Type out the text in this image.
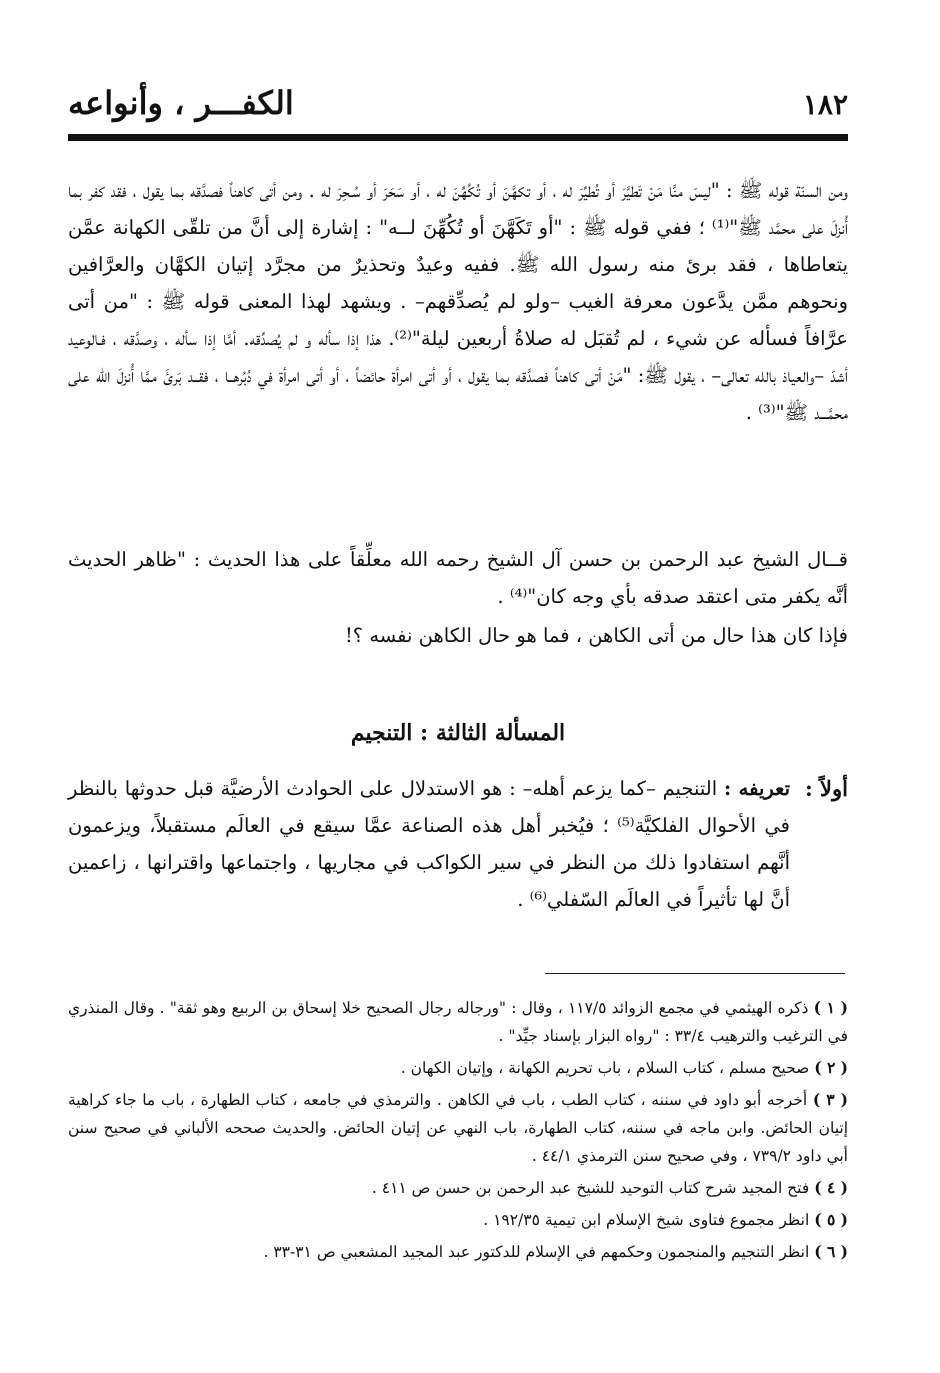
١٨٢
الكفـــر ، وأنواعه

ومن السنّة قوله ﷺ : "ليسَ منَّا مَنْ تَطيَّرَ أو تُطيِّرَ له ، أو تكهَّنَ أو تُكُهِّنَ له ، أو سَحَرَ أو سُـحِرَ له . ومن أتى كاهناً فصدَّقه بما يقول ، فقد كفر بما أُنزلَ على محمَّد ﷺ"⁽¹⁾ ؛ ففي قوله ﷺ : "أو تَكَهَّنَ أو تُكُهِّنَ لــه" : إشارة إلى أنَّ من تلقّى الكهانة عمَّن يتعاطاها ، فقد برئ منه رسول الله ﷺ. ففيه وعيدٌ وتحذيرٌ من مجرَّد إتيان الكهَّان والعرَّافين ونحوهم ممَّن يدَّعون معرفة الغيب –ولو لم يُصدِّقهم– . ويشهد لهذا المعنى قوله ﷺ : "من أتى عرَّافاً فسأله عن شيء ، لم تُقبَل له صلاةُ أربعين ليلة"⁽²⁾. هذا إذا سأله و لم يُصدِّقه. أمَّا إذا سأله ، وصدَّقه ، فـالوعيد أشدّ –والعياذ بالله تعالى– ، يقول ﷺ: "مَنْ أتى كاهناً فصدَّقه بما يقول ، أو أتى امرأة حائضاً ، أو أتى امرأة في دُبُرهــا ، فقــد بَرئَ ممَّا أُنزلَ الله على محمَّـــد ﷺ"⁽³⁾ .

قــال الشيخ عبد الرحمن بن حسن آل الشيخ رحمه الله معلِّقاً على هذا الحديث : "ظاهر الحديث أنَّه يكفر متى اعتقد صدقه بأي وجه كان"⁽⁴⁾ .

فإذا كان هذا حال من أتى الكاهن ، فما هو حال الكاهن نفسه ؟!

المسألة الثالثة : التنجيم
أولاً :

تعريفه : التنجيم –كما يزعم أهله– : هو الاستدلال على الحوادث الأرضيَّة قبل حدوثها بالنظر في الأحوال الفلكيَّة⁽⁵⁾ ؛ فيُخبر أهل هذه الصناعة عمَّا سيقع في العالَم مستقبلاً، ويزعمون أنَّهم استفادوا ذلك من النظر في سير الكواكب في مجاريها ، واجتماعها واقترانها ، زاعمين أنَّ لها تأثيراً في العالَم السّفلي⁽⁶⁾ .

( ١ ) ذكره الهيثمي في مجمع الزوائد ١١٧/٥ ، وقال : "ورجاله رجال الصحيح خلا إسحاق بن الربيع وهو ثقة" . وقال المنذري في الترغيب والترهيب ٣٣/٤ : "رواه البزار بإسناد جيِّد" .

( ٢ ) صحيح مسلم ، كتاب السلام ، باب تحريم الكهانة ، وإتيان الكهان .

( ٣ ) أخرجه أبو داود في سننه ، كتاب الطب ، باب في الكاهن . والترمذي في جامعه ، كتاب الطهارة ، باب ما جاء كراهية إتيان الحائض. وابن ماجه في سننه، كتاب الطهارة، باب النهي عن إتيان الحائض. والحديث صححه الألباني في صحيح سنن أبي داود ٧٣٩/٢ ، وفي صحيح سنن الترمذي ٤٤/١ .

( ٤ ) فتح المجيد شرح كتاب التوحيد للشيخ عبد الرحمن بن حسن ص ٤١١ .

( ٥ ) انظر مجموع فتاوى شيخ الإسلام ابن تيمية ١٩٢/٣٥ .

( ٦ ) انظر التنجيم والمنجمون وحكمهم في الإسلام للدكتور عبد المجيد المشعبي ص ٣١-٣٣ .
